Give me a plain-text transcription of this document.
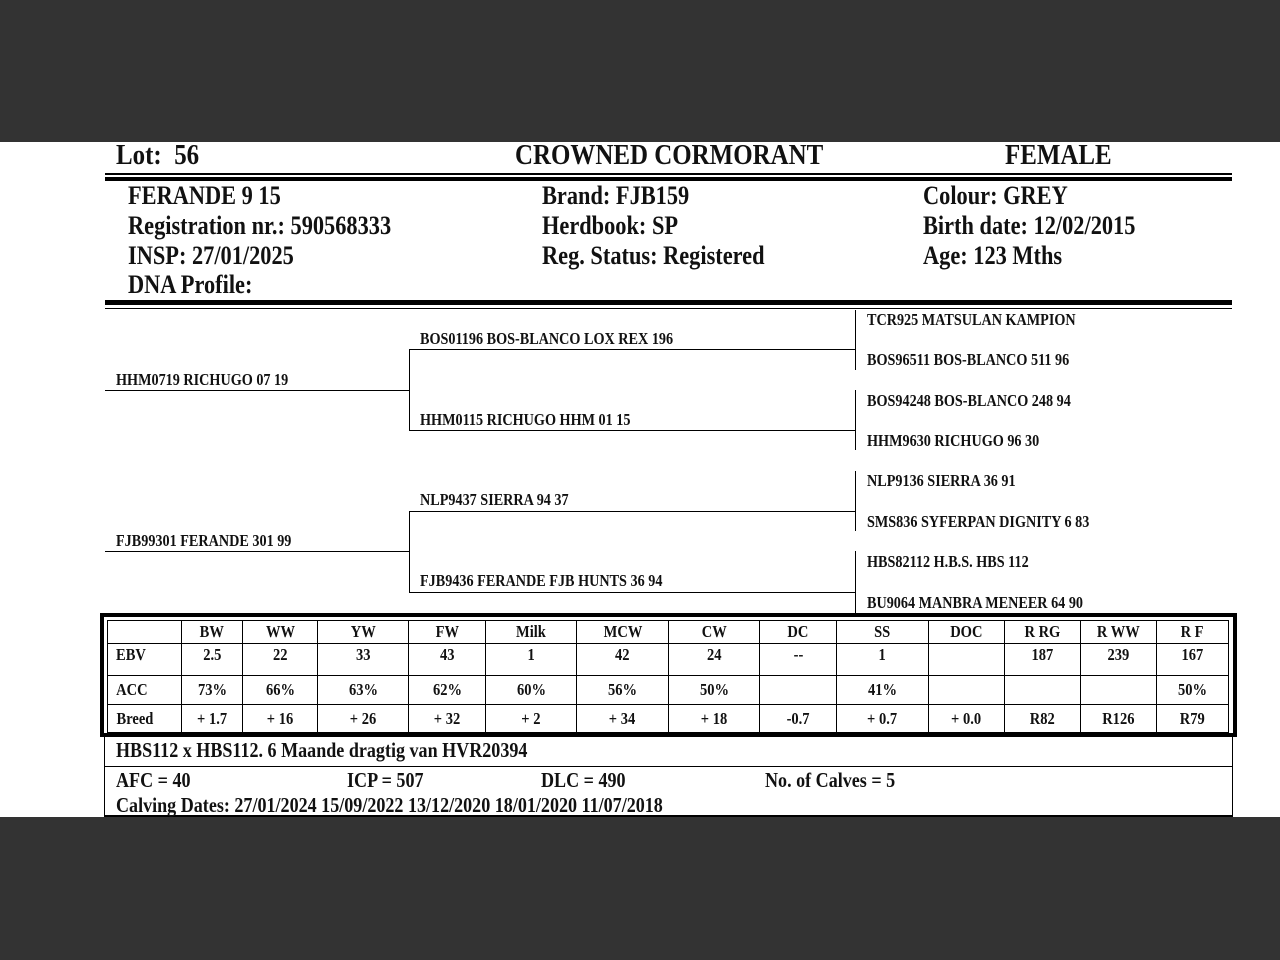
Lot: 56	CROWNED CORMORANT	FEMALE
FERANDE 9 15
Registration nr.: 590568333
INSP: 27/01/2025
DNA Profile:
Brand: FJB159
Herdbook: SP
Reg. Status: Registered
Colour: GREY
Birth date: 12/02/2015
Age: 123 Mths
HHM0719 RICHUGO 07 19
FJB99301 FERANDE 301 99
BOS01196 BOS-BLANCO LOX REX 196
HHM0115 RICHUGO HHM 01 15
NLP9437 SIERRA 94 37
FJB9436 FERANDE FJB HUNTS 36 94
TCR925 MATSULAN KAMPION
BOS96511 BOS-BLANCO 511 96
BOS94248 BOS-BLANCO 248 94
HHM9630 RICHUGO 96 30
NLP9136 SIERRA 36 91
SMS836 SYFERPAN DIGNITY 6 83
HBS82112 H.B.S. HBS 112
BU9064 MANBRA MENEER 64 90
	BW	WW	YW	FW	Milk	MCW	CW	DC	SS	DOC	R RG	R WW	R F
EBV	2.5	22	33	43	1	42	24	--	1		187	239	167
ACC	73%	66%	63%	62%	60%	56%	50%		41%				50%
Breed	+ 1.7	+ 16	+ 26	+ 32	+ 2	+ 34	+ 18	-0.7	+ 0.7	+ 0.0	R82	R126	R79
HBS112 x HBS112. 6 Maande dragtig van HVR20394
AFC = 40	ICP = 507	DLC = 490	No. of Calves = 5
Calving Dates: 27/01/2024 15/09/2022 13/12/2020 18/01/2020 11/07/2018
